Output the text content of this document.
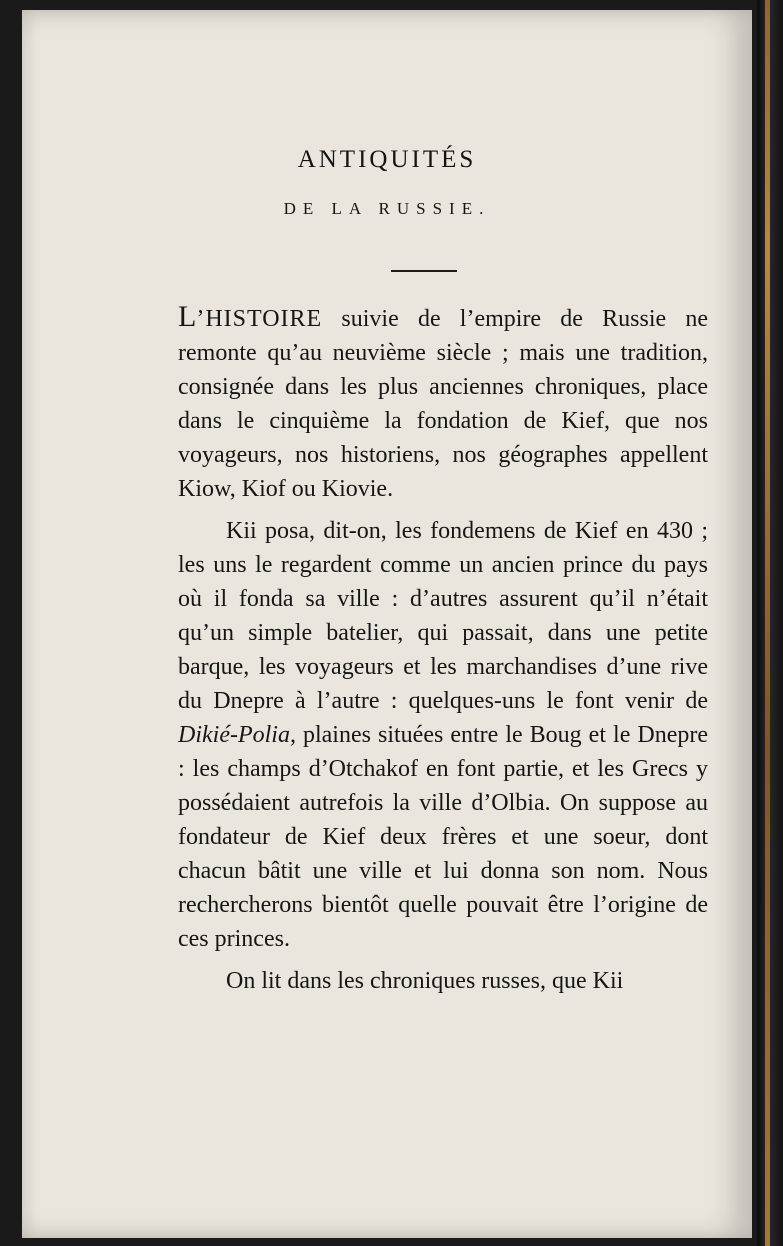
ANTIQUITÉS
DE LA RUSSIE.

L’HISTOIRE suivie de l’empire de Russie ne remonte qu’au neuvième siècle ; mais une tradition, consignée dans les plus anciennes chroniques, place dans le cinquième la fondation de Kief, que nos voyageurs, nos historiens, nos géographes appellent Kiow, Kiof ou Kiovie.

Kii posa, dit-on, les fondemens de Kief en 430 ; les uns le regardent comme un ancien prince du pays où il fonda sa ville : d’autres assurent qu’il n’était qu’un simple batelier, qui passait, dans une petite barque, les voyageurs et les marchandises d’une rive du Dnepre à l’autre : quelques-uns le font venir de Dikié-Polia, plaines situées entre le Boug et le Dnepre : les champs d’Otchakof en font partie, et les Grecs y possédaient autrefois la ville d’Olbia. On suppose au fondateur de Kief deux frères et une soeur, dont chacun bâtit une ville et lui donna son nom. Nous rechercherons bientôt quelle pouvait être l’origine de ces princes.

On lit dans les chroniques russes, que Kii
